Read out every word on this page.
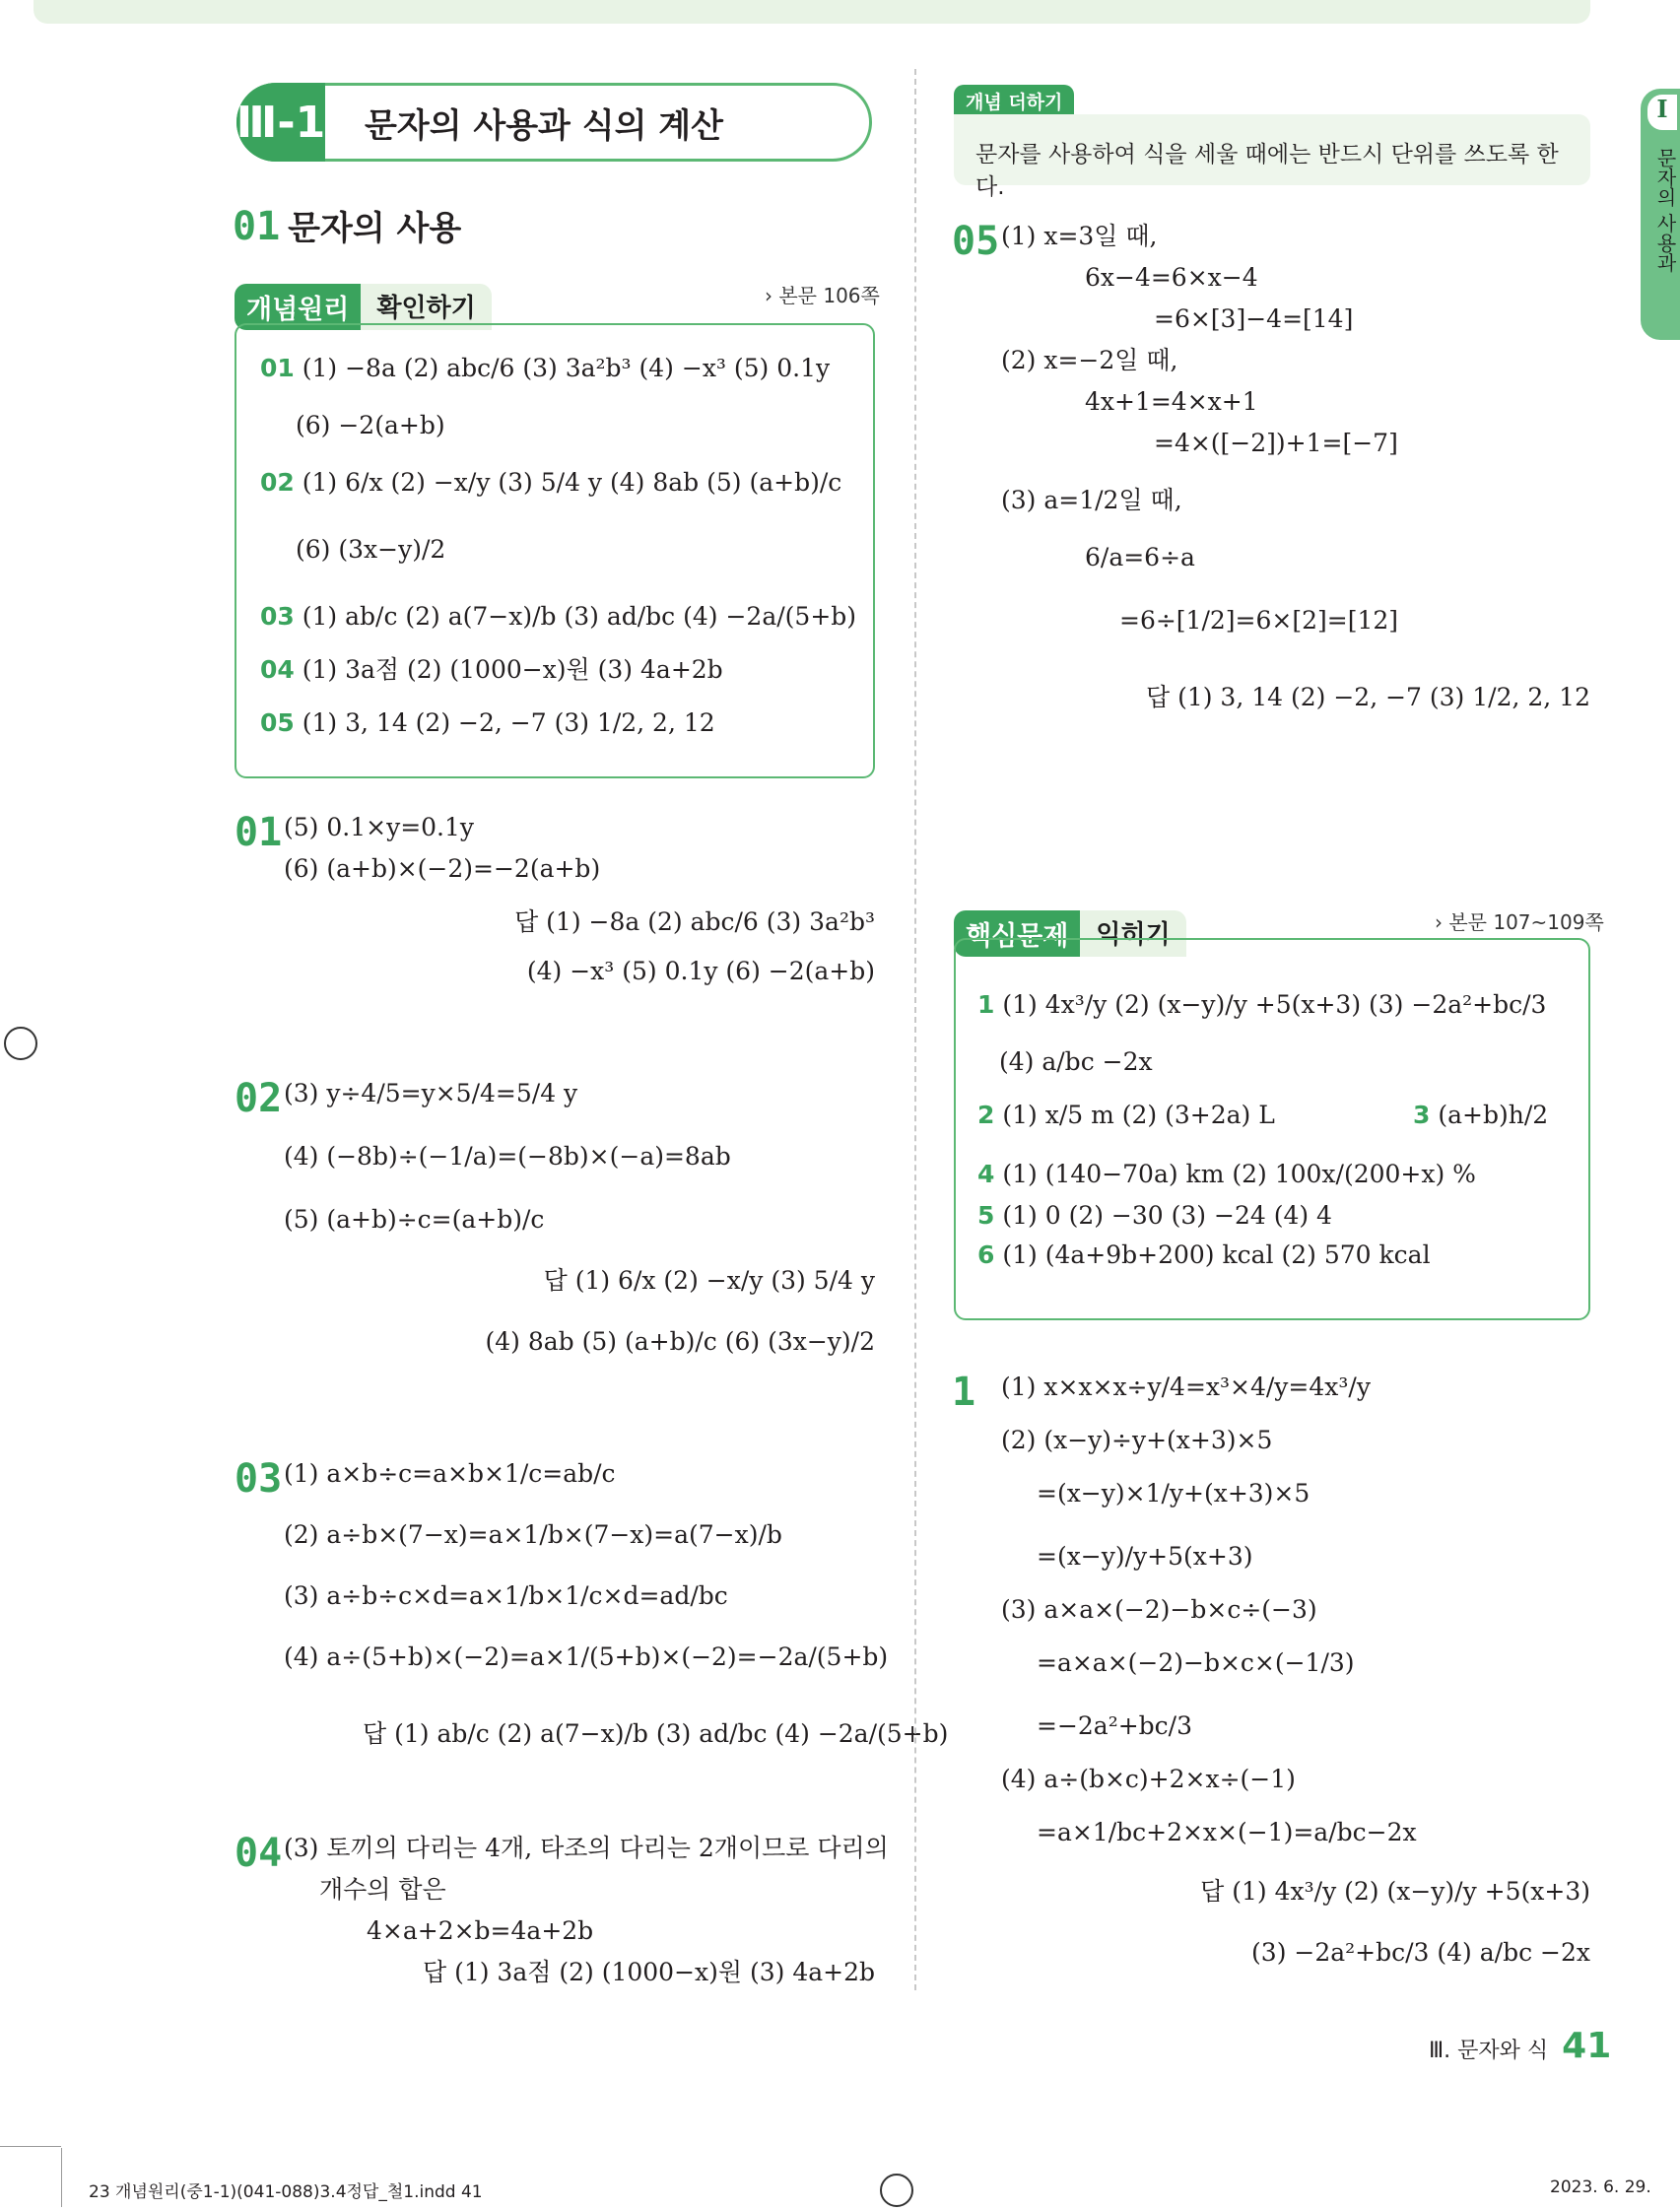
Ⅲ-1 문자의 사용과 식의 계산
01 문자의 사용
개념원리	확인하기	› 본문 106쪽
01 (1) −8a (2) abc/6 (3) 3a²b³ (4) −x³ (5) 0.1y
(6) −2(a+b)
02 (1) 6/x (2) −x/y (3) 5/4 y (4) 8ab (5) (a+b)/c
(6) (3x−y)/2
03 (1) ab/c (2) a(7−x)/b (3) ad/bc (4) −2a/(5+b)
04 (1) 3a점 (2) (1000−x)원 (3) 4a+2b
05 (1) 3, 14 (2) −2, −7 (3) 1/2, 2, 12
01 (5) 0.1×y=0.1y
(6) (a+b)×(−2)=−2(a+b)
답 (1) −8a (2) abc/6 (3) 3a²b³
(4) −x³ (5) 0.1y (6) −2(a+b)
02 (3) y÷4/5=y×5/4=5/4 y
(4) (−8b)÷(−1/a)=(−8b)×(−a)=8ab
(5) (a+b)÷c=(a+b)/c
답 (1) 6/x (2) −x/y (3) 5/4 y
(4) 8ab (5) (a+b)/c (6) (3x−y)/2
03 (1) a×b÷c=a×b×1/c=ab/c
(2) a÷b×(7−x)=a×1/b×(7−x)=a(7−x)/b
(3) a÷b÷c×d=a×1/b×1/c×d=ad/bc
(4) a÷(5+b)×(−2)=a×1/(5+b)×(−2)=−2a/(5+b)
답 (1) ab/c (2) a(7−x)/b (3) ad/bc (4) −2a/(5+b)
04 (3) 토끼의 다리는 4개, 타조의 다리는 2개이므로 다리의
개수의 합은
4×a+2×b=4a+2b
답 (1) 3a점 (2) (1000−x)원 (3) 4a+2b
개념 더하기
문자를 사용하여 식을 세울 때에는 반드시 단위를 쓰도록 한다.
05 (1) x=3일 때,
6x−4=6×x−4
=6×[3]−4=[14]
(2) x=−2일 때,
4x+1=4×x+1
=4×([−2])+1=[−7]
(3) a=1/2일 때,
6/a=6÷a
=6÷[1/2]=6×[2]=[12]
답 (1) 3, 14 (2) −2, −7 (3) 1/2, 2, 12
핵심문제	익히기	› 본문 107~109쪽
1 (1) 4x³/y (2) (x−y)/y +5(x+3) (3) −2a²+bc/3
(4) a/bc −2x
2 (1) x/5 m (2) (3+2a) L	3 (a+b)h/2
4 (1) (140−70a) km (2) 100x/(200+x) %
5 (1) 0 (2) −30 (3) −24 (4) 4
6 (1) (4a+9b+200) kcal (2) 570 kcal
1 (1) x×x×x÷y/4=x³×4/y=4x³/y
(2) (x−y)÷y+(x+3)×5
=(x−y)×1/y+(x+3)×5
=(x−y)/y+5(x+3)
(3) a×a×(−2)−b×c÷(−3)
=a×a×(−2)−b×c×(−1/3)
=−2a²+bc/3
(4) a÷(b×c)+2×x÷(−1)
=a×1/bc+2×x×(−1)=a/bc−2x
답 (1) 4x³/y (2) (x−y)/y +5(x+3)
(3) −2a²+bc/3 (4) a/bc −2x
Ⅰ
문자의 사용과
Ⅲ. 문자와 식 41
23 개념원리(중1-1)(041-088)3.4정답_철1.indd 41	2023. 6. 29.
